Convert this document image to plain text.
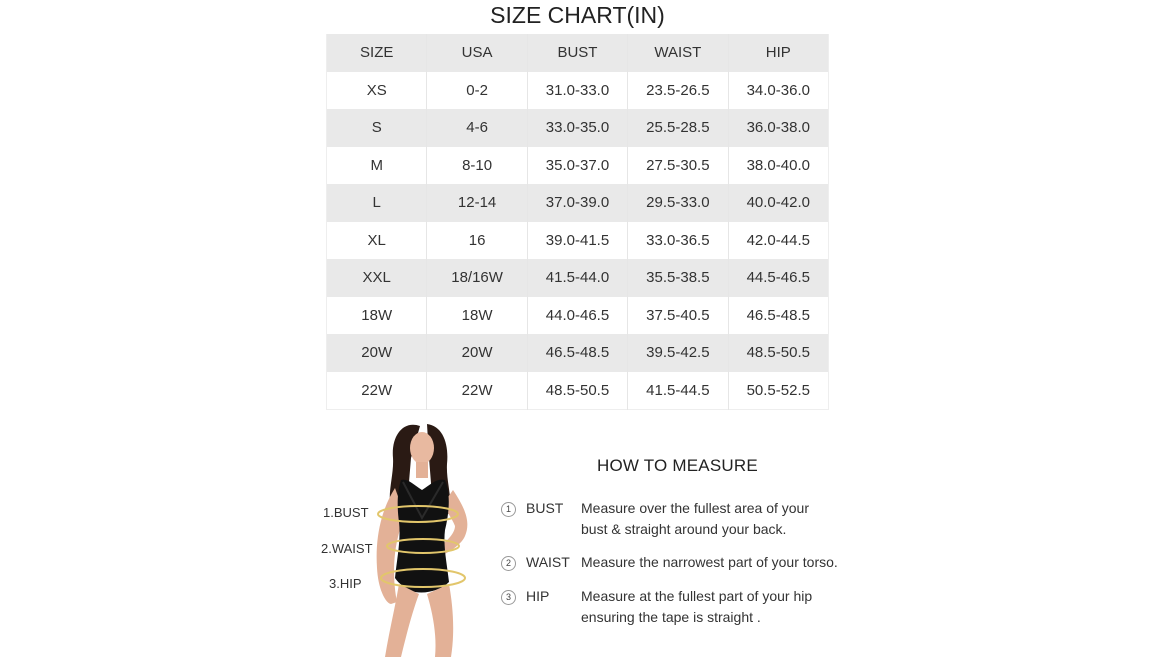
SIZE CHART(IN)
SIZE	USA	BUST	WAIST	HIP
XS	0-2	31.0-33.0	23.5-26.5	34.0-36.0
S	4-6	33.0-35.0	25.5-28.5	36.0-38.0
M	8-10	35.0-37.0	27.5-30.5	38.0-40.0
L	12-14	37.0-39.0	29.5-33.0	40.0-42.0
XL	16	39.0-41.5	33.0-36.5	42.0-44.5
XXL	18/16W	41.5-44.0	35.5-38.5	44.5-46.5
18W	18W	44.0-46.5	37.5-40.5	46.5-48.5
20W	20W	46.5-48.5	39.5-42.5	48.5-50.5
22W	22W	48.5-50.5	41.5-44.5	50.5-52.5
1.BUST
2.WAIST
3.HIP
HOW TO MEASURE
1	BUST Measure over the fullest area of your
bust & straight around your back.
2	WAIST Measure the narrowest part of your torso.
3	HIP Measure at the fullest part of your hip
ensuring the tape is straight .
